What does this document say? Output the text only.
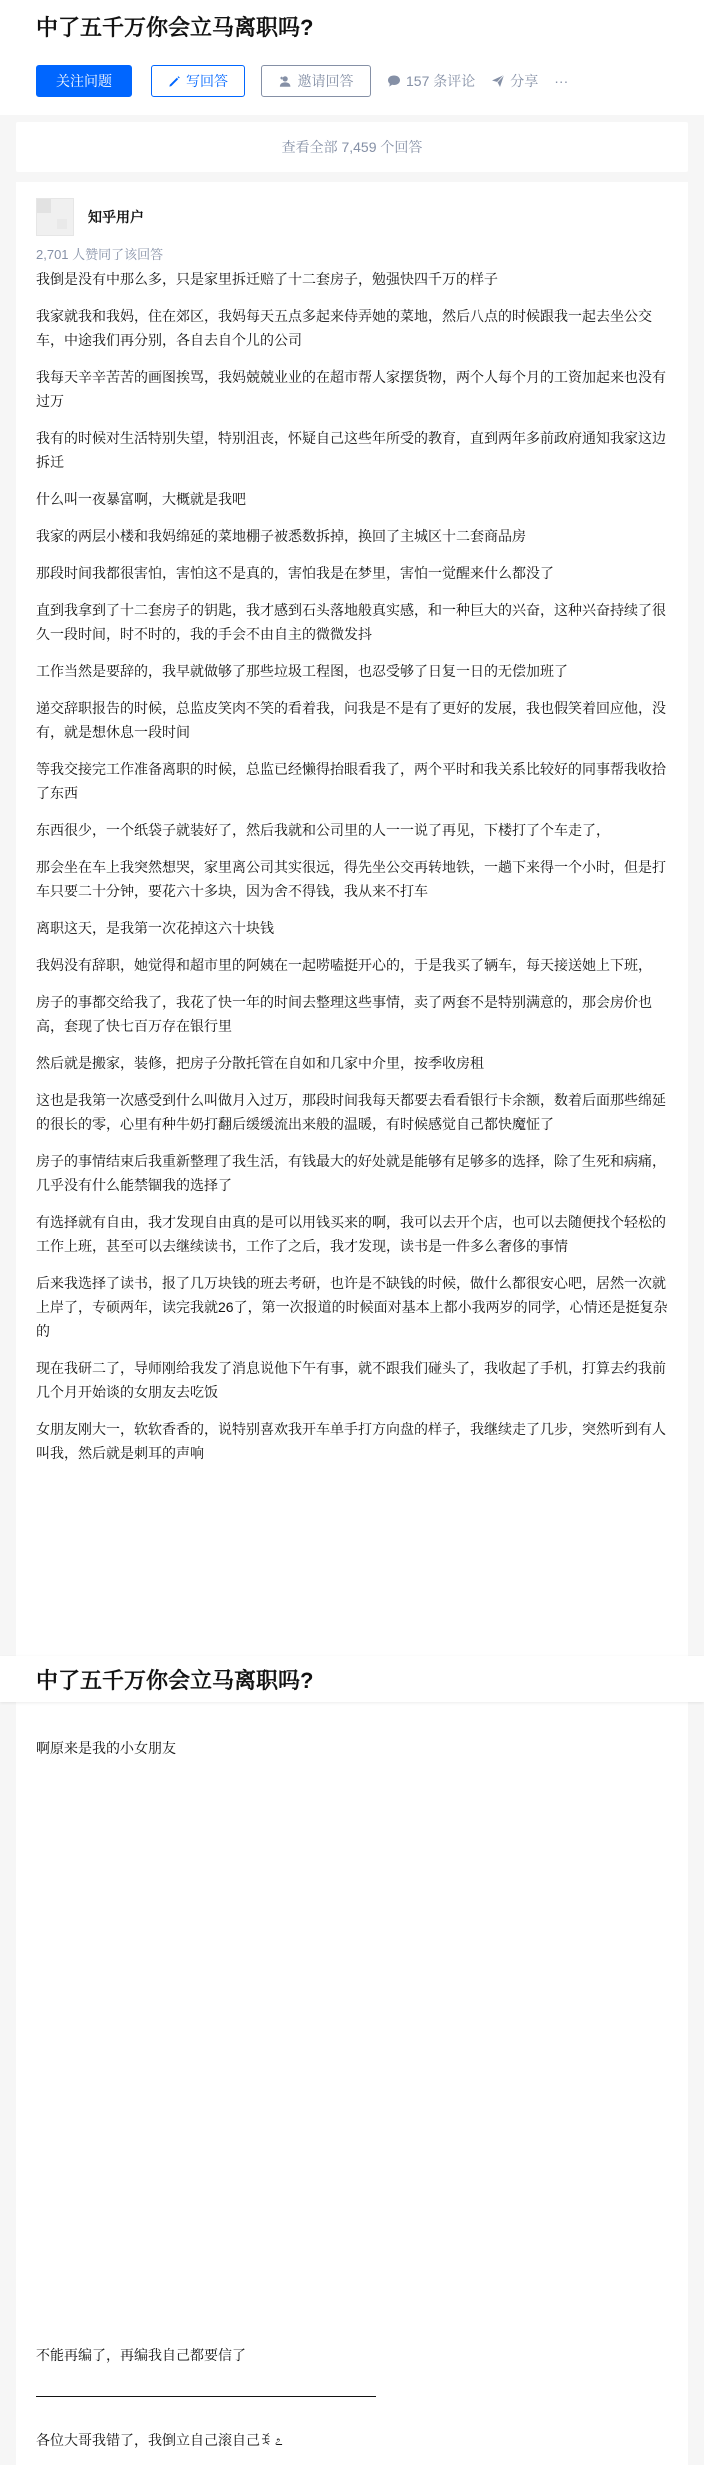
中了五千万你会立马离职吗?
关注问题	写回答	邀请回答	157 条评论	分享 ···
查看全部 7,459 个回答
知乎用户
2,701 人赞同了该回答

我倒是没有中那么多，只是家里拆迁赔了十二套房子，勉强快四千万的样子

我家就我和我妈，住在郊区，我妈每天五点多起来侍弄她的菜地，然后八点的时候跟我一起去坐公交车，中途我们再分别，各自去自个儿的公司

我每天辛辛苦苦的画图挨骂，我妈兢兢业业的在超市帮人家摆货物，两个人每个月的工资加起来也没有过万

我有的时候对生活特别失望，特别沮丧，怀疑自己这些年所受的教育，直到两年多前政府通知我家这边拆迁

什么叫一夜暴富啊，大概就是我吧

我家的两层小楼和我妈绵延的菜地棚子被悉数拆掉，换回了主城区十二套商品房

那段时间我都很害怕，害怕这不是真的，害怕我是在梦里，害怕一觉醒来什么都没了

直到我拿到了十二套房子的钥匙，我才感到石头落地般真实感，和一种巨大的兴奋，这种兴奋持续了很久一段时间，时不时的，我的手会不由自主的微微发抖

工作当然是要辞的，我早就做够了那些垃圾工程图，也忍受够了日复一日的无偿加班了

递交辞职报告的时候，总监皮笑肉不笑的看着我，问我是不是有了更好的发展，我也假笑着回应他，没有，就是想休息一段时间

等我交接完工作准备离职的时候，总监已经懒得抬眼看我了，两个平时和我关系比较好的同事帮我收拾了东西

东西很少，一个纸袋子就装好了，然后我就和公司里的人一一说了再见，下楼打了个车走了，

那会坐在车上我突然想哭，家里离公司其实很远，得先坐公交再转地铁，一趟下来得一个小时，但是打车只要二十分钟，要花六十多块，因为舍不得钱，我从来不打车

离职这天，是我第一次花掉这六十块钱

我妈没有辞职，她觉得和超市里的阿姨在一起唠嗑挺开心的，于是我买了辆车，每天接送她上下班，

房子的事都交给我了，我花了快一年的时间去整理这些事情，卖了两套不是特别满意的，那会房价也高，套现了快七百万存在银行里

然后就是搬家，装修，把房子分散托管在自如和几家中介里，按季收房租

这也是我第一次感受到什么叫做月入过万，那段时间我每天都要去看看银行卡余额，数着后面那些绵延的很长的零，心里有种牛奶打翻后缓缓流出来般的温暖，有时候感觉自己都快魔怔了

房子的事情结束后我重新整理了我生活，有钱最大的好处就是能够有足够多的选择，除了生死和病痛，几乎没有什么能禁锢我的选择了

有选择就有自由，我才发现自由真的是可以用钱买来的啊，我可以去开个店，也可以去随便找个轻松的工作上班，甚至可以去继续读书，工作了之后，我才发现，读书是一件多么奢侈的事情

后来我选择了读书，报了几万块钱的班去考研，也许是不缺钱的时候，做什么都很安心吧，居然一次就上岸了，专硕两年，读完我就26了，第一次报道的时候面对基本上都小我两岁的同学，心情还是挺复杂的

现在我研二了，导师刚给我发了消息说他下午有事，就不跟我们碰头了，我收起了手机，打算去约我前几个月开始谈的女朋友去吃饭

女朋友刚大一，软软香香的，说特别喜欢我开车单手打方向盘的样子，我继续走了几步，突然听到有人叫我，然后就是刺耳的声响

中了五千万你会立马离职吗?
啊原来是我的小女朋友
不能再编了，再编我自己都要信了
各位大哥我错了，我倒立自己滚自己ꉂ ೭
